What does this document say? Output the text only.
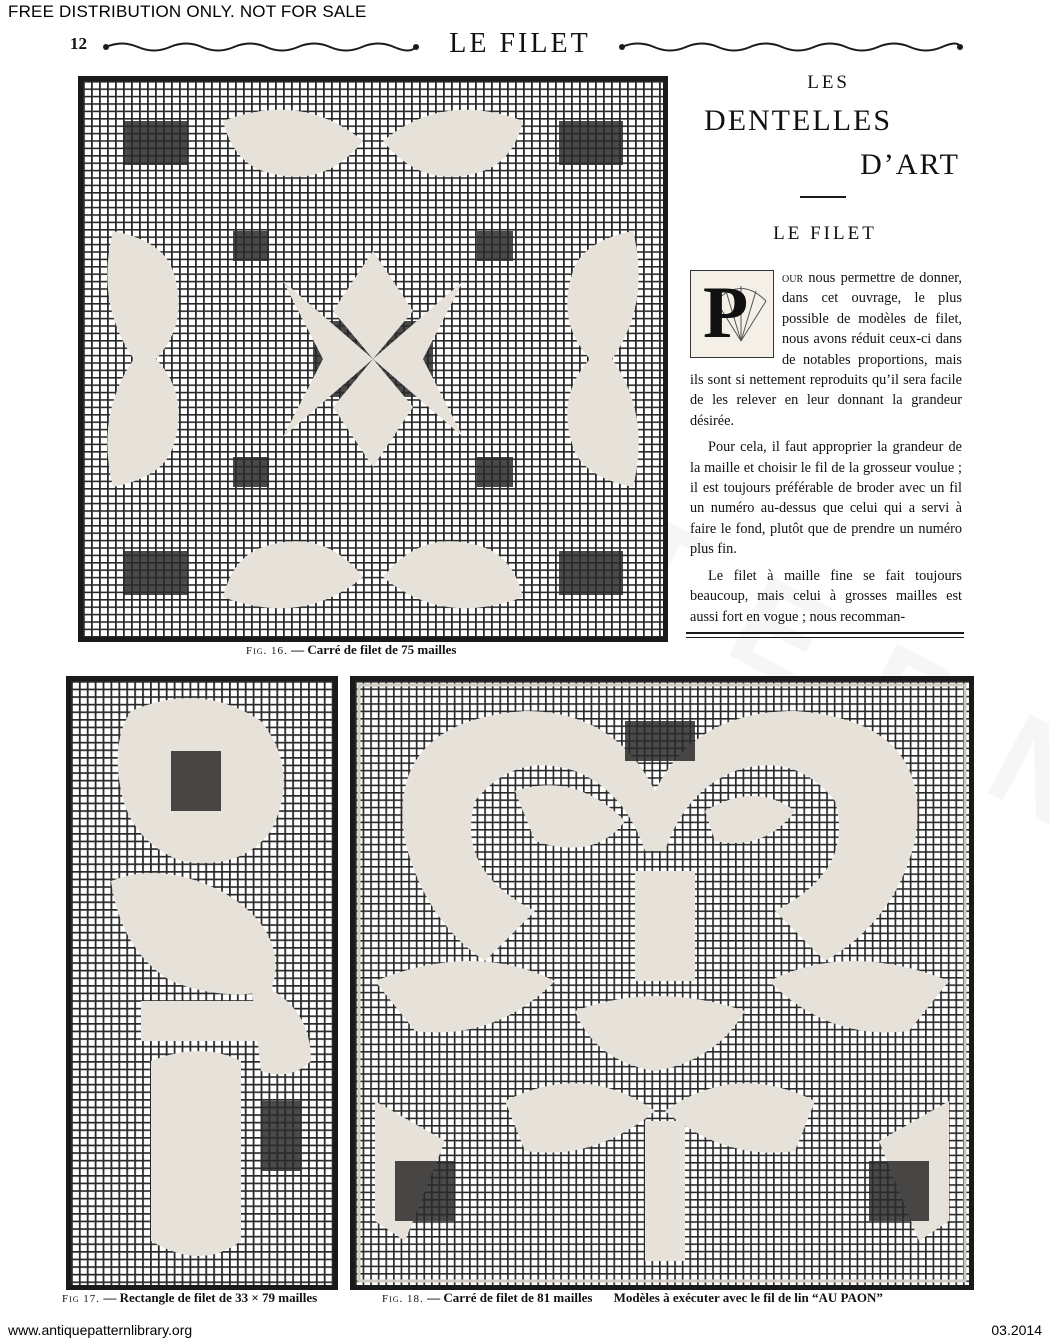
FREE DISTRIBUTION ONLY. NOT FOR SALE
www.antiquepatternlibrary.org	03.2014
12	LE FILET
Fig. 16. — Carré de filet de 75 mailles
LES
DENTELLES
D’ART
LE FILET

P our nous permettre de donner, dans cet ouvrage, le plus possible de modèles de filet, nous avons réduit ceux-ci dans de notables proportions, mais ils sont si nettement reproduits qu’il sera facile de les relever en leur donnant la grandeur désirée.

Pour cela, il faut approprier la grandeur de la maille et choisir le fil de la grosseur voulue ; il est toujours préférable de broder avec un fil un numéro au-dessus que celui qui a servi à faire le fond, plutôt que de prendre un numéro plus fin.

Le filet à maille fine se fait toujours beaucoup, mais celui à grosses mailles est aussi fort en vogue ; nous recomman-

Fig 17. — Rectangle de filet de 33 × 79 mailles	Fig. 18. — Carré de filet de 81 mailles Modèles à exécuter avec le fil de lin “AU PAON”
